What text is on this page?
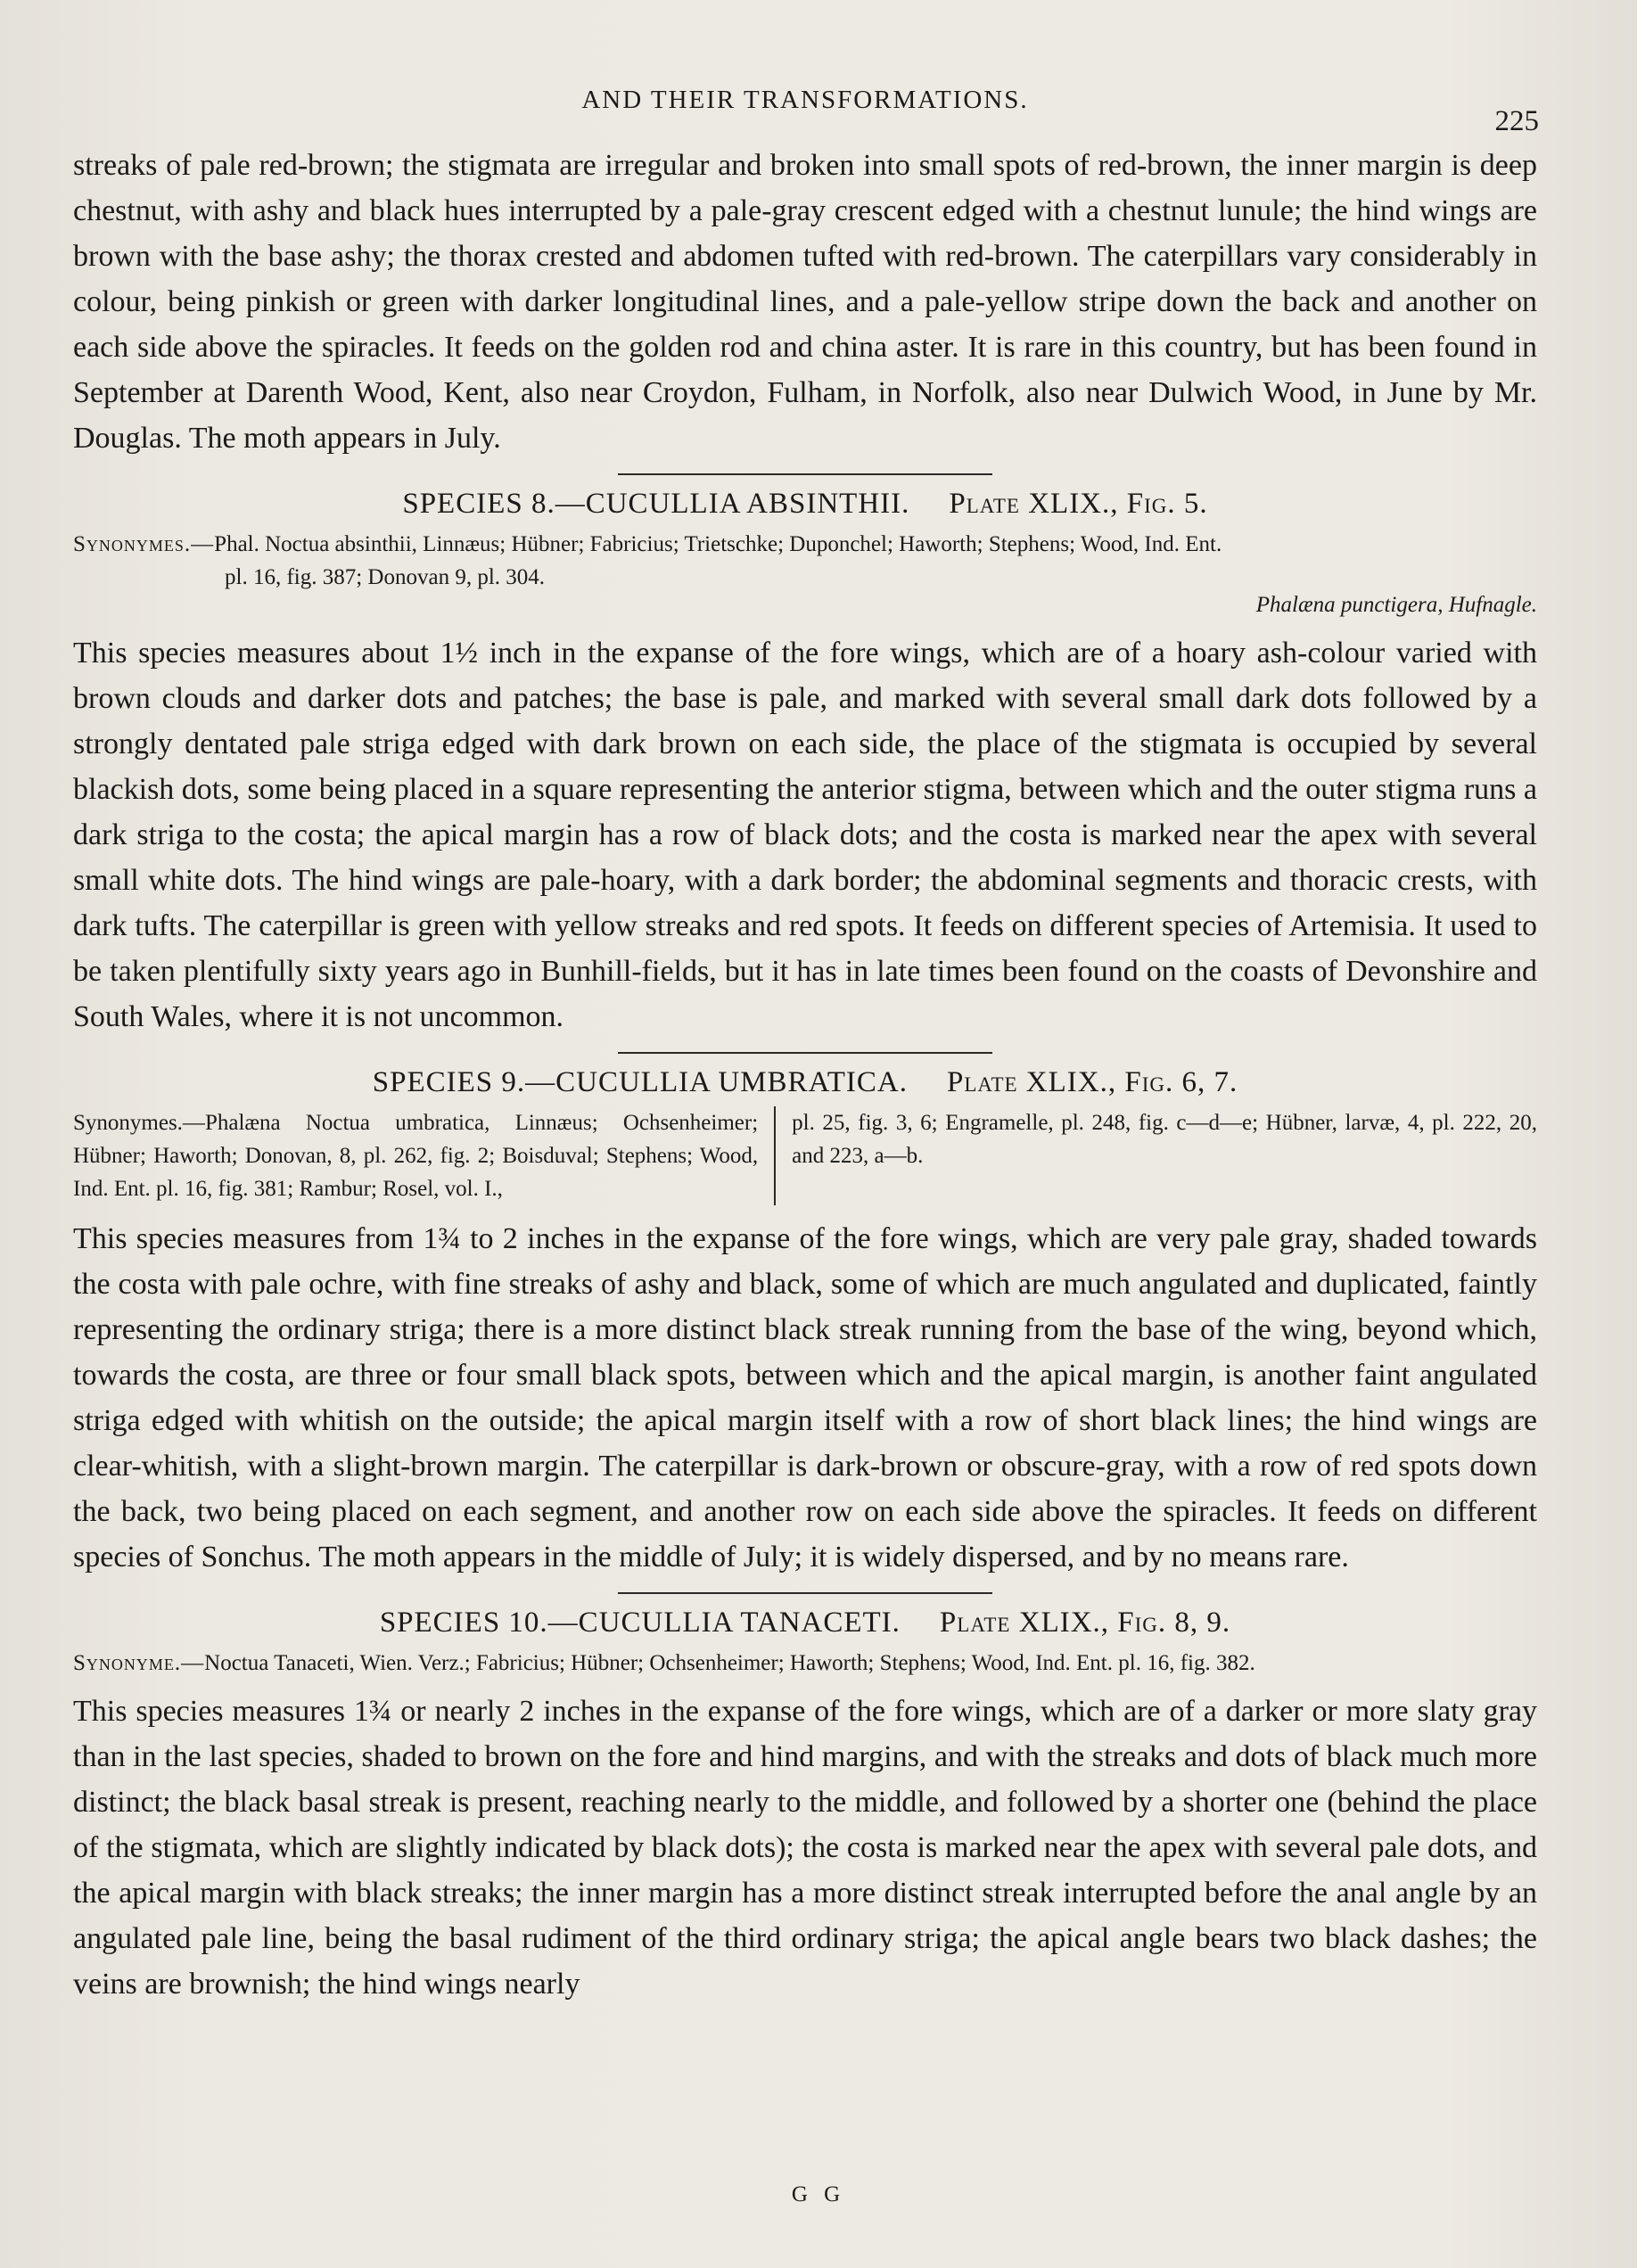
AND THEIR TRANSFORMATIONS.
225

streaks of pale red-brown; the stigmata are irregular and broken into small spots of red-brown, the inner margin is deep chestnut, with ashy and black hues interrupted by a pale-gray crescent edged with a chestnut lunule; the hind wings are brown with the base ashy; the thorax crested and abdomen tufted with red-brown. The caterpillars vary considerably in colour, being pinkish or green with darker longitudinal lines, and a pale-yellow stripe down the back and another on each side above the spiracles. It feeds on the golden rod and china aster. It is rare in this country, but has been found in September at Darenth Wood, Kent, also near Croydon, Fulham, in Norfolk, also near Dulwich Wood, in June by Mr. Douglas. The moth appears in July.

SPECIES 8.—CUCULLIA ABSINTHII. Plate XLIX., Fig. 5.
Synonymes.—Phal. Noctua absinthii, Linnæus; Hübner; Fabricius; Trietschke; Duponchel; Haworth; Stephens; Wood, Ind. Ent.
pl. 16, fig. 387; Donovan 9, pl. 304.
Phalæna punctigera, Hufnagle.

This species measures about 1½ inch in the expanse of the fore wings, which are of a hoary ash-colour varied with brown clouds and darker dots and patches; the base is pale, and marked with several small dark dots followed by a strongly dentated pale striga edged with dark brown on each side, the place of the stigmata is occupied by several blackish dots, some being placed in a square representing the anterior stigma, between which and the outer stigma runs a dark striga to the costa; the apical margin has a row of black dots; and the costa is marked near the apex with several small white dots. The hind wings are pale-hoary, with a dark border; the abdominal segments and thoracic crests, with dark tufts. The caterpillar is green with yellow streaks and red spots. It feeds on different species of Artemisia. It used to be taken plentifully sixty years ago in Bunhill-fields, but it has in late times been found on the coasts of Devonshire and South Wales, where it is not uncommon.

SPECIES 9.—CUCULLIA UMBRATICA. Plate XLIX., Fig. 6, 7.
Synonymes.—Phalæna Noctua umbratica, Linnæus; Ochsenheimer; Hübner; Haworth; Donovan, 8, pl. 262, fig. 2; Boisduval; Stephens; Wood, Ind. Ent. pl. 16, fig. 381; Rambur; Rosel, vol. I.,
pl. 25, fig. 3, 6; Engramelle, pl. 248, fig. c—d—e; Hübner, larvæ, 4, pl. 222, 20, and 223, a—b.

This species measures from 1¾ to 2 inches in the expanse of the fore wings, which are very pale gray, shaded towards the costa with pale ochre, with fine streaks of ashy and black, some of which are much angulated and duplicated, faintly representing the ordinary striga; there is a more distinct black streak running from the base of the wing, beyond which, towards the costa, are three or four small black spots, between which and the apical margin, is another faint angulated striga edged with whitish on the outside; the apical margin itself with a row of short black lines; the hind wings are clear-whitish, with a slight-brown margin. The caterpillar is dark-brown or obscure-gray, with a row of red spots down the back, two being placed on each segment, and another row on each side above the spiracles. It feeds on different species of Sonchus. The moth appears in the middle of July; it is widely dispersed, and by no means rare.

SPECIES 10.—CUCULLIA TANACETI. Plate XLIX., Fig. 8, 9.
Synonyme.—Noctua Tanaceti, Wien. Verz.; Fabricius; Hübner; Ochsenheimer; Haworth; Stephens; Wood, Ind. Ent. pl. 16, fig. 382.

This species measures 1¾ or nearly 2 inches in the expanse of the fore wings, which are of a darker or more slaty gray than in the last species, shaded to brown on the fore and hind margins, and with the streaks and dots of black much more distinct; the black basal streak is present, reaching nearly to the middle, and followed by a shorter one (behind the place of the stigmata, which are slightly indicated by black dots); the costa is marked near the apex with several pale dots, and the apical margin with black streaks; the inner margin has a more distinct streak interrupted before the anal angle by an angulated pale line, being the basal rudiment of the third ordinary striga; the apical angle bears two black dashes; the veins are brownish; the hind wings nearly

G G
